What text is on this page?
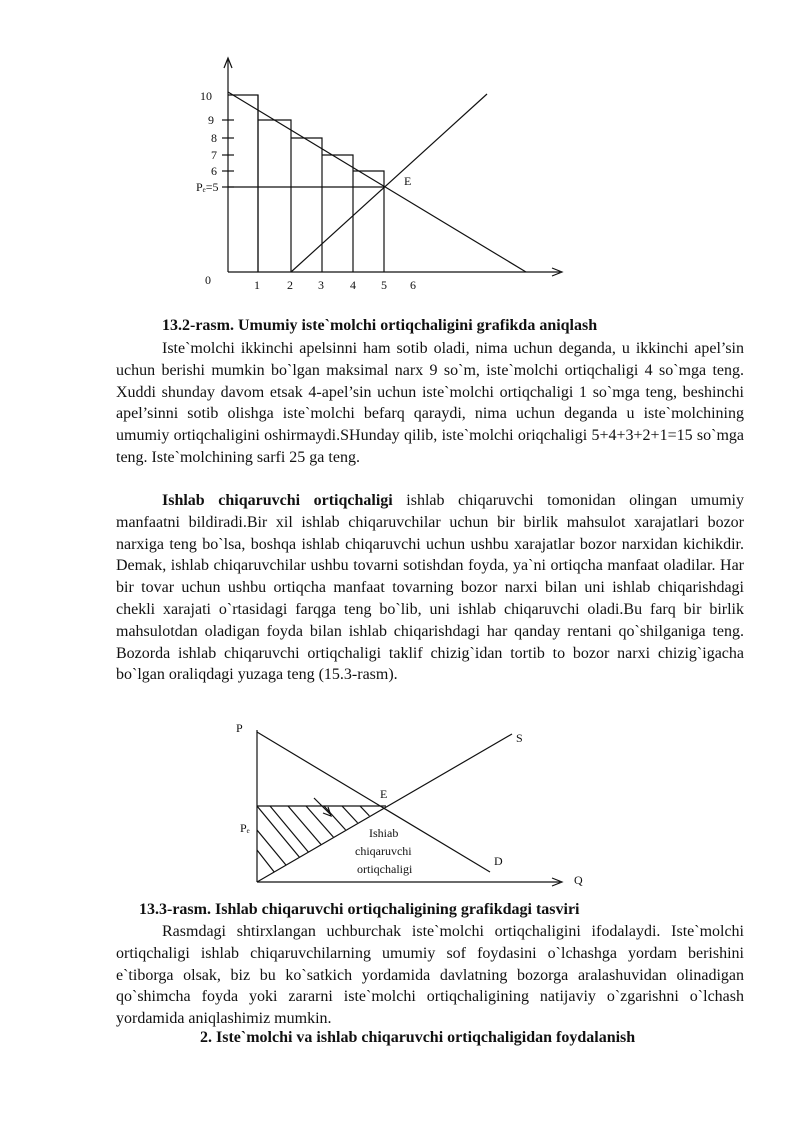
10
9
8
7
6
Pₑ=5
0	1 2 3 4 5 6
E
13.2-rasm. Umumiy iste`molchi ortiqchaligini grafikda aniqlash

Iste`molchi ikkinchi apelsinni ham sotib oladi, nima uchun deganda, u ikkinchi apel’sin uchun berishi mumkin bo`lgan maksimal narx 9 so`m, iste`molchi ortiqchaligi 4 so`mga teng. Xuddi shunday davom etsak 4-apel’sin uchun iste`molchi ortiqchaligi 1 so`mga teng, beshinchi apel’sinni sotib olishga iste`molchi befarq qaraydi, nima uchun deganda u iste`molchining umumiy ortiqchaligini oshirmaydi.SHunday qilib, iste`molchi oriqchaligi 5+4+3+2+1=15 so`mga teng. Iste`molchining sarfi 25 ga teng.

Ishlab chiqaruvchi ortiqchaligi ishlab chiqaruvchi tomonidan olingan umumiy manfaatni bildiradi.Bir xil ishlab chiqaruvchilar uchun bir birlik mahsulot xarajatlari bozor narxiga teng bo`lsa, boshqa ishlab chiqaruvchi uchun ushbu xarajatlar bozor narxidan kichikdir. Demak, ishlab chiqaruvchilar ushbu tovarni sotishdan foyda, ya`ni ortiqcha manfaat oladilar. Har bir tovar uchun ushbu ortiqcha manfaat tovarning bozor narxi bilan uni ishlab chiqarishdagi chekli xarajati o`rtasidagi farqga teng bo`lib, uni ishlab chiqaruvchi oladi.Bu farq bir birlik mahsulotdan oladigan foyda bilan ishlab chiqarishdagi har qanday rentani qo`shilganiga teng. Bozorda ishlab chiqaruvchi ortiqchaligi taklif chizig`idan tortib to bozor narxi chizig`igacha bo`lgan oraliqdagi yuzaga teng (15.3-rasm).

P
S
E
Pₑ
D
Q
Ishiab
chiqaruvchi
ortiqchaligi
13.3-rasm. Ishlab chiqaruvchi ortiqchaligining grafikdagi tasviri

Rasmdagi shtirxlangan uchburchak iste`molchi ortiqchaligini ifodalaydi. Iste`molchi ortiqchaligi ishlab chiqaruvchilarning umumiy sof foydasini o`lchashga yordam berishini e`tiborga olsak, biz bu ko`satkich yordamida davlatning bozorga aralashuvidan olinadigan qo`shimcha foyda yoki zararni iste`molchi ortiqchaligining natijaviy o`zgarishni o`lchash yordamida aniqlashimiz mumkin.

2. Iste`molchi va ishlab chiqaruvchi ortiqchaligidan foydalanish
